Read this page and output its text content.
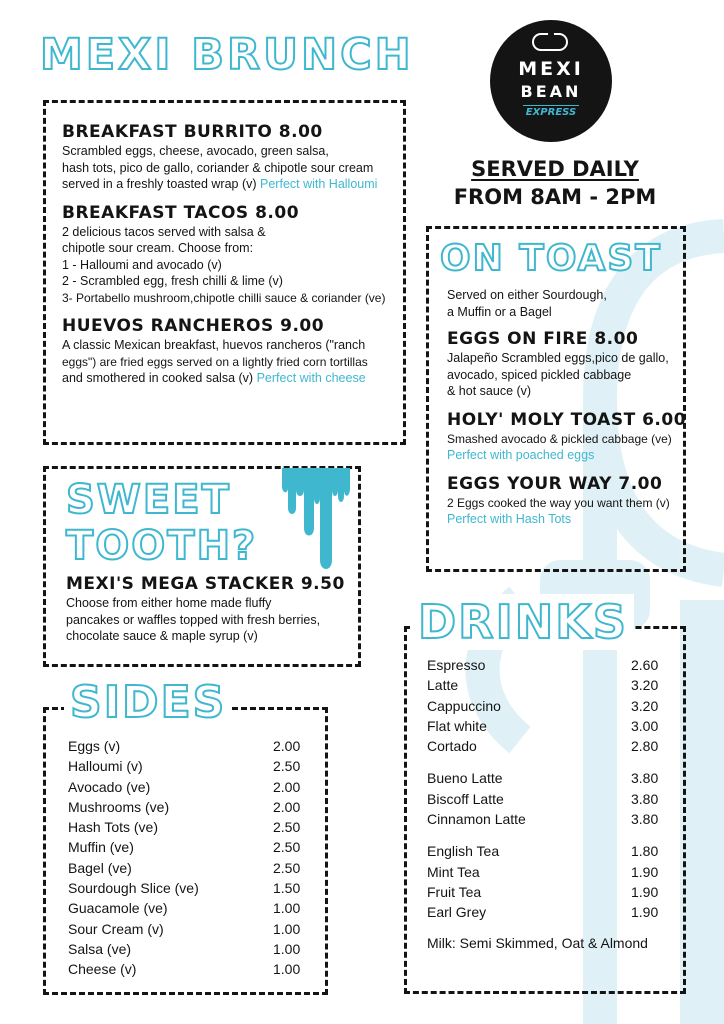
MEXI BRUNCH	MEXI
BEAN
EXPRESS
SERVED DAILY
FROM 8AM - 2PM
BREAKFAST BURRITO 8.00
Scrambled eggs, cheese, avocado, green salsa,
hash tots, pico de gallo, coriander & chipotle sour cream
served in a freshly toasted wrap (v) Perfect with Halloumi
BREAKFAST TACOS 8.00
2 delicious tacos served with salsa &
chipotle sour cream. Choose from:
1 - Halloumi and avocado (v)
2 - Scrambled egg, fresh chilli & lime (v)
3- Portabello mushroom,chipotle chilli sauce & coriander (ve)
HUEVOS RANCHEROS 9.00
A classic Mexican breakfast, huevos rancheros ("ranch
eggs") are fried eggs served on a lightly fried corn tortillas
and smothered in cooked salsa (v) Perfect with cheese
MEXI'S MEGA STACKER 9.50
Choose from either home made fluffy
pancakes or waffles topped with fresh berries,
chocolate sauce & maple syrup (v)
SWEET
TOOTH?
Eggs (v)	2.00
Halloumi (v)	2.50
Avocado (ve)	2.00
Mushrooms (ve)	2.00
Hash Tots (ve)	2.50
Muffin (ve)	2.50
Bagel (ve)	2.50
Sourdough Slice (ve)	1.50
Guacamole (ve)	1.00
Sour Cream (v)	1.00
Salsa (ve)	1.00
Cheese (v)	1.00
SIDES
Served on either Sourdough,
a Muffin or a Bagel
EGGS ON FIRE 8.00
Jalapeño Scrambled eggs,pico de gallo,
avocado, spiced pickled cabbage
& hot sauce (v)
HOLY' MOLY TOAST 6.00
Smashed avocado & pickled cabbage (ve)
Perfect with poached eggs
EGGS YOUR WAY 7.00
2 Eggs cooked the way you want them (v)
Perfect with Hash Tots
ON TOAST
Espresso	2.60
Latte	3.20
Cappuccino	3.20
Flat white	3.00
Cortado	2.80
Bueno Latte	3.80
Biscoff Latte	3.80
Cinnamon Latte	3.80
English Tea	1.80
Mint Tea	1.90
Fruit Tea	1.90
Earl Grey	1.90
Milk: Semi Skimmed, Oat & Almond
DRINKS
